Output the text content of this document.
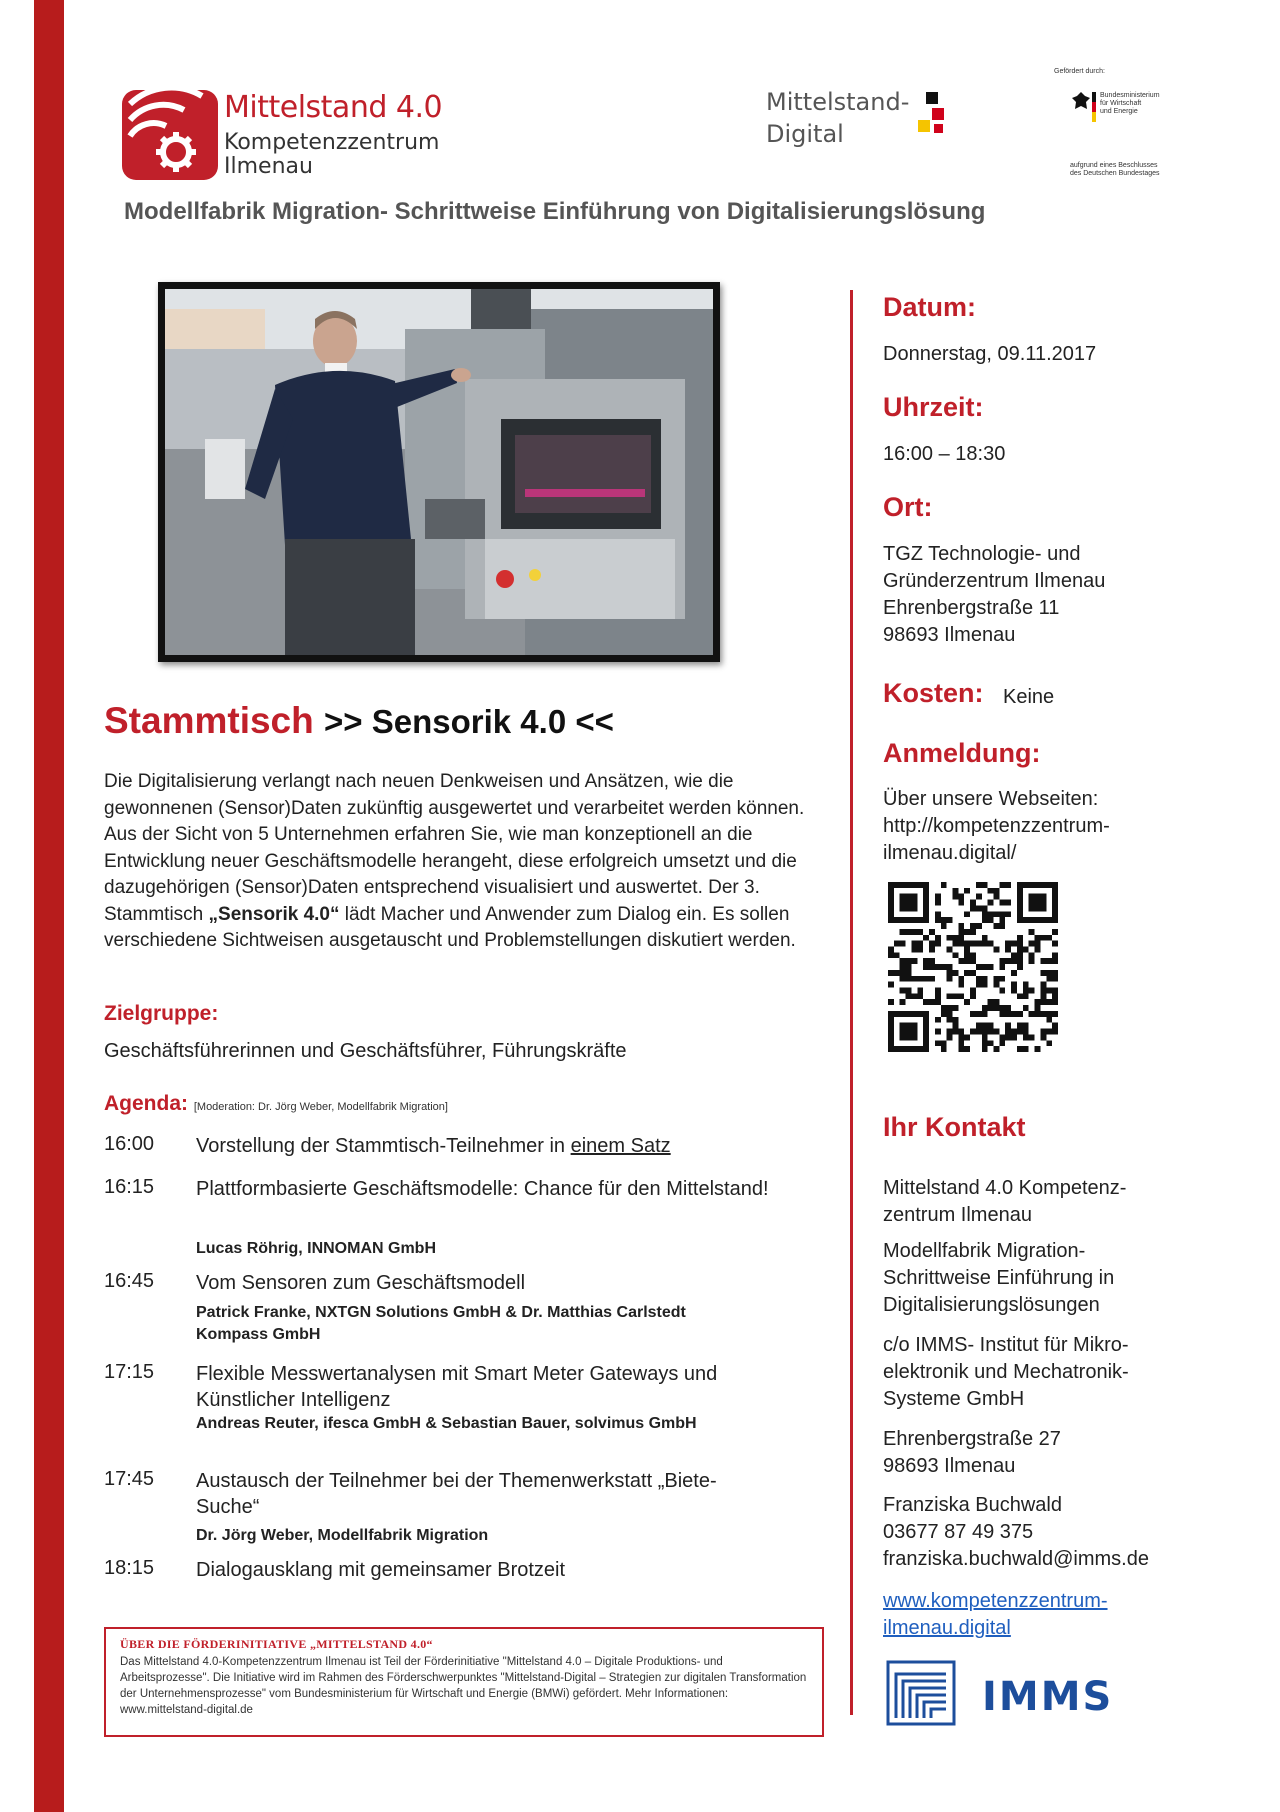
Mittelstand 4.0
Kompetenzzentrum
Ilmenau
Mittelstand-
Digital
Gefördert durch:
Bundesministerium
für Wirtschaft
und Energie
aufgrund eines Beschlusses
des Deutschen Bundestages
Modellfabrik Migration- Schrittweise Einführung von Digitalisierungslösung
Datum:
Donnerstag, 09.11.2017
Uhrzeit:
16:00 – 18:30
Ort:
TGZ Technologie- und
Gründerzentrum Ilmenau
Ehrenbergstraße 11
98693 Ilmenau
Kosten: Keine
Anmeldung:
Über unsere Webseiten:
http://kompetenzzentrum-
ilmenau.digital/
Ihr Kontakt
Mittelstand 4.0 Kompetenz-
zentrum Ilmenau
Modellfabrik Migration-
Schrittweise Einführung in
Digitalisierungslösungen
c/o IMMS- Institut für Mikro-
elektronik und Mechatronik-
Systeme GmbH
Ehrenbergstraße 27
98693 Ilmenau
Franziska Buchwald
03677 87 49 375
franziska.buchwald@imms.de
www.kompetenzzentrum-
ilmenau.digital
IMMS
Stammtisch >> Sensorik 4.0 <<
Die Digitalisierung verlangt nach neuen Denkweisen und Ansätzen, wie die gewonnenen (Sensor)Daten zukünftig ausgewertet und verarbeitet werden können. Aus der Sicht von 5 Unternehmen erfahren Sie, wie man konzeptionell an die Entwicklung neuer Geschäftsmodelle herangeht, diese erfolgreich umsetzt und die dazugehörigen (Sensor)Daten entsprechend visualisiert und auswertet. Der 3. Stammtisch „Sensorik 4.0“ lädt Macher und Anwender zum Dialog ein. Es sollen verschiedene Sichtweisen ausgetauscht und Problemstellungen diskutiert werden.
Zielgruppe:
Geschäftsführerinnen und Geschäftsführer, Führungskräfte
Agenda: [Moderation: Dr. Jörg Weber, Modellfabrik Migration]
16:00 Vorstellung der Stammtisch-Teilnehmer in einem Satz
16:15 Plattformbasierte Geschäftsmodelle: Chance für den Mittelstand!
Lucas Röhrig, INNOMAN GmbH
16:45 Vom Sensoren zum Geschäftsmodell
Patrick Franke, NXTGN Solutions GmbH & Dr. Matthias Carlstedt Kompass GmbH
17:15 Flexible Messwertanalysen mit Smart Meter Gateways und Künstlicher Intelligenz
Andreas Reuter, ifesca GmbH & Sebastian Bauer, solvimus GmbH
17:45 Austausch der Teilnehmer bei der Themenwerkstatt „Biete-Suche“
Dr. Jörg Weber, Modellfabrik Migration
18:15 Dialogausklang mit gemeinsamer Brotzeit
ÜBER DIE FÖRDERINITIATIVE „MITTELSTAND 4.0“
Das Mittelstand 4.0-Kompetenzzentrum Ilmenau ist Teil der Förderinitiative "Mittelstand 4.0 – Digitale Produktions- und Arbeitsprozesse". Die Initiative wird im Rahmen des Förderschwerpunktes "Mittelstand-Digital – Strategien zur digitalen Transformation der Unternehmensprozesse" vom Bundesministerium für Wirtschaft und Energie (BMWi) gefördert. Mehr Informationen: www.mittelstand-digital.de
